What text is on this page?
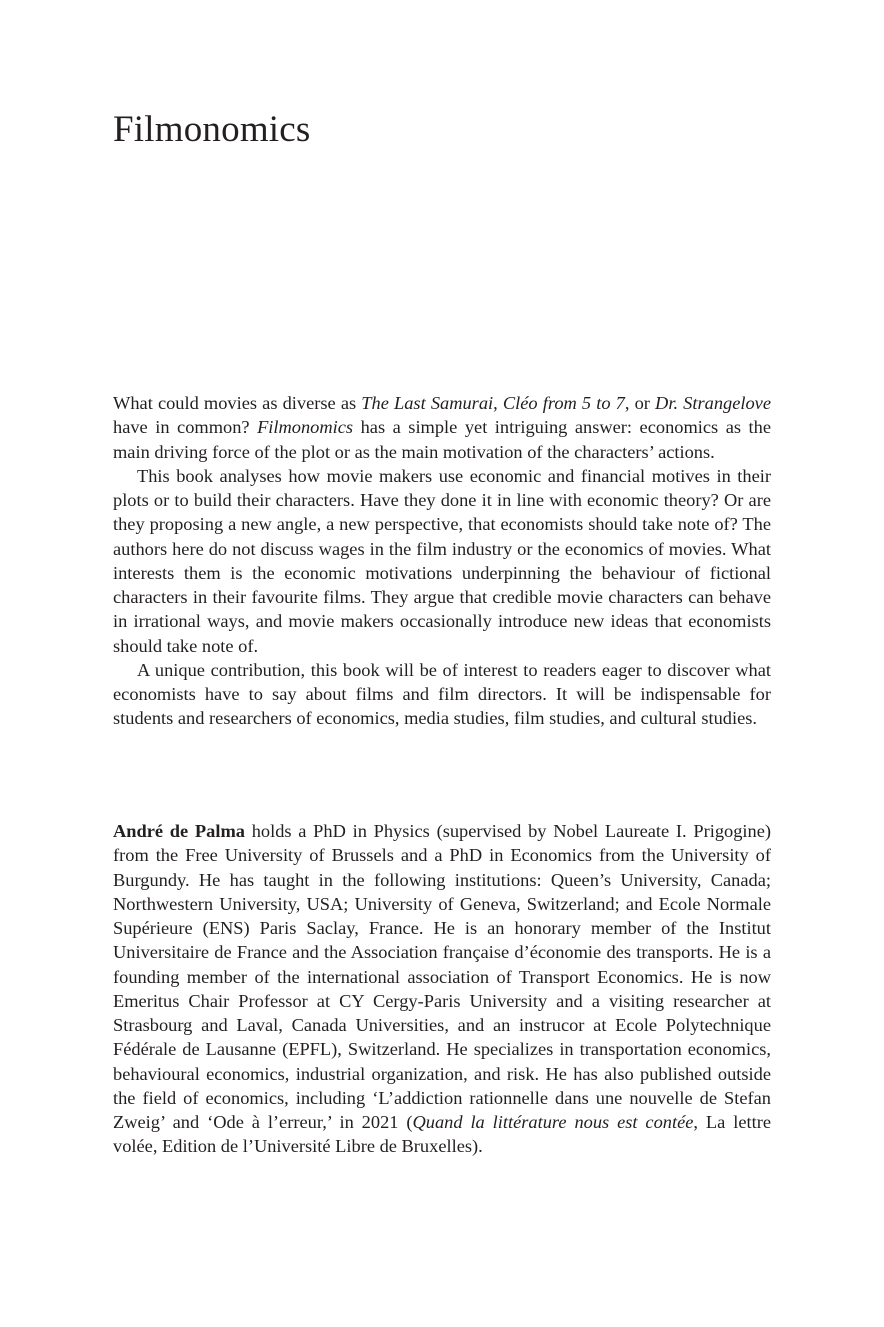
Filmonomics

What could movies as diverse as The Last Samurai, Cléo from 5 to 7, or Dr. Strangelove have in common? Filmonomics has a simple yet intriguing answer: economics as the main driving force of the plot or as the main motivation of the characters’ actions.

This book analyses how movie makers use economic and financial motives in their plots or to build their characters. Have they done it in line with economic theory? Or are they proposing a new angle, a new perspective, that economists should take note of? The authors here do not discuss wages in the film industry or the economics of movies. What interests them is the economic motivations underpinning the behaviour of fictional characters in their favourite films. They argue that credible movie characters can behave in irrational ways, and movie makers occasionally introduce new ideas that economists should take note of.

A unique contribution, this book will be of interest to readers eager to discover what economists have to say about films and film directors. It will be indispensable for students and researchers of economics, media studies, film studies, and cultural studies.

André de Palma holds a PhD in Physics (supervised by Nobel Laureate I. Prigogine) from the Free University of Brussels and a PhD in Economics from the University of Burgundy. He has taught in the following institutions: Queen’s University, Canada; Northwestern University, USA; University of Geneva, Switzerland; and Ecole Normale Supérieure (ENS) Paris Saclay, France. He is an honorary member of the Institut Universitaire de France and the Association française d’économie des transports. He is a founding member of the international association of Transport Economics. He is now Emeritus Chair Professor at CY Cergy-Paris University and a visiting researcher at Strasbourg and Laval, Canada Universities, and an instrucor at Ecole Polytechnique Fédérale de Lausanne (EPFL), Switzerland. He specializes in transportation economics, behavioural economics, industrial organization, and risk. He has also published outside the field of economics, including ‘L’addiction rationnelle dans une nouvelle de Stefan Zweig’ and ‘Ode à l’erreur,’ in 2021 (Quand la littérature nous est contée, La lettre volée, Edition de l’Université Libre de Bruxelles).
